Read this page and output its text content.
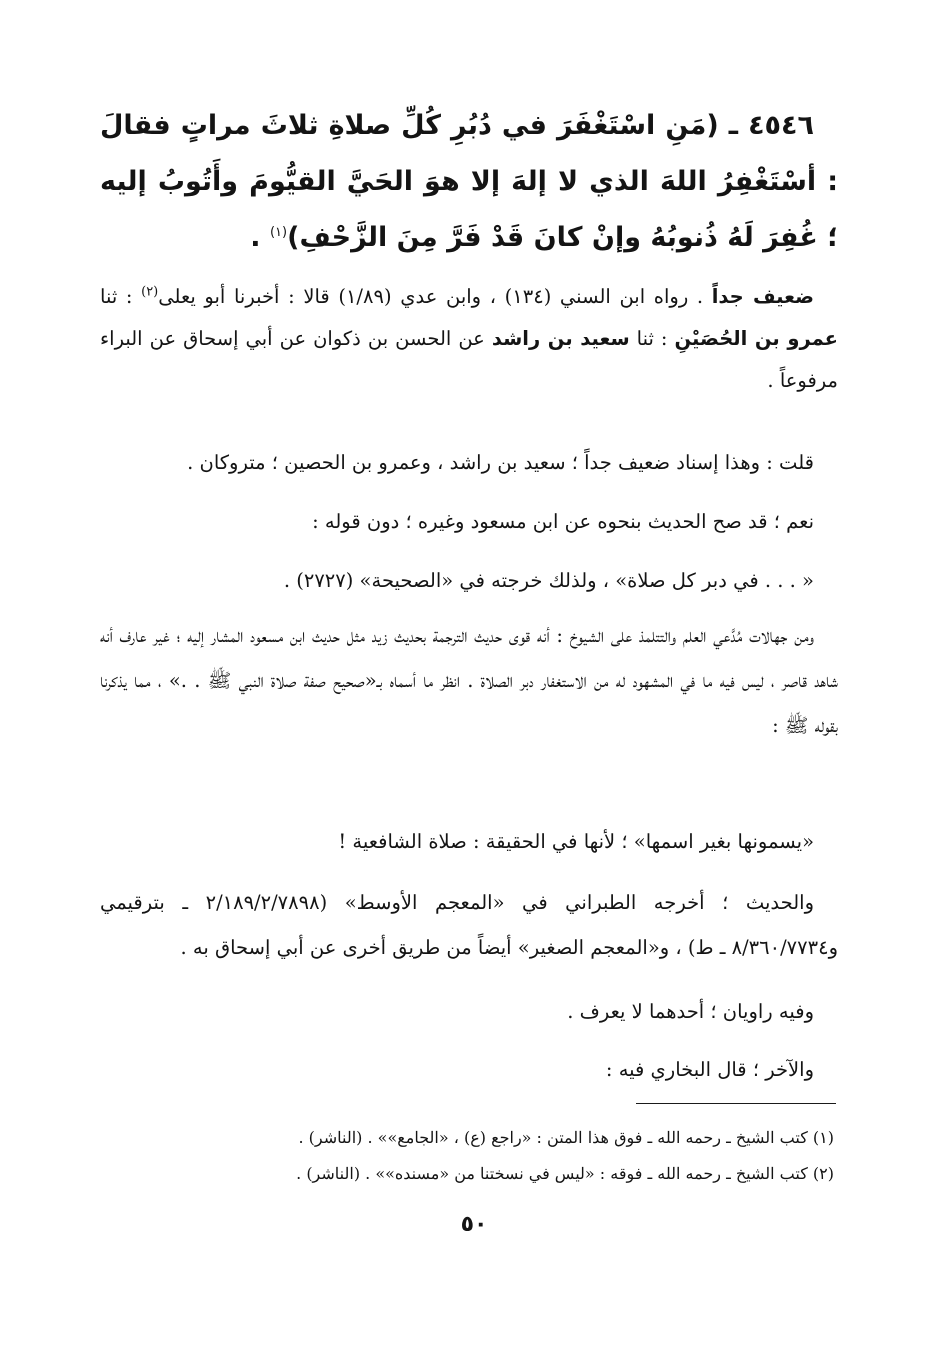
٤٥٤٦ ـ (مَنِ اسْتَغْفَرَ في دُبُرِ كُلِّ صلاةِ ثلاثَ مراتٍ فقالَ : أسْتَغْفِرُ اللهَ الذي لا إلهَ إلا هوَ الحَيَّ القيُّومَ وأَتُوبُ إليه ؛ غُفِرَ لَهُ ذُنوبُهُ وإنْ كانَ قَدْ فَرَّ مِنَ الزَّحْفِ)$^{(١)}$ .

ضعيف جداً . رواه ابن السني (١٣٤) ، وابن عدي (١/٨٩) قالا : أخبرنا أبو يعلى$^{(٢)}$ : ثنا عمرو بن الحُصَيْنِ : ثنا سعيد بن راشد عن الحسن بن ذكوان عن أبي إسحاق عن البراء مرفوعاً .

قلت : وهذا إسناد ضعيف جداً ؛ سعيد بن راشد ، وعمرو بن الحصين ؛ متروكان .

نعم ؛ قد صح الحديث بنحوه عن ابن مسعود وغيره ؛ دون قوله :

« . . . في دبر كل صلاة» ، ولذلك خرجته في «الصحيحة» (٢٧٢٧) .

ومن جهالات مُدَّعي العلم والتتلمذ على الشيوخ : أنه قوى حديث الترجمة بحديث زيد مثل حديث ابن مسعود المشار إليه ؛ غير عارف أنه شاهد قاصر ، ليس فيه ما في المشهود له من الاستغفار دبر الصلاة . انظر ما أسماه بـ«صحيح صفة صلاة النبي ﷺ . .» ، مما يذكرنا بقوله ﷺ :

«يسمونها بغير اسمها» ؛ لأنها في الحقيقة : صلاة الشافعية !

والحديث ؛ أخرجه الطبراني في «المعجم الأوسط» (٢/١٨٩/٢/٧٨٩٨ ـ بترقيمي و٨/٣٦٠/٧٧٣٤ ـ ط) ، و«المعجم الصغير» أيضاً من طريق أخرى عن أبي إسحاق به .

وفيه راويان ؛ أحدهما لا يعرف .

والآخر ؛ قال البخاري فيه :

(١) كتب الشيخ ـ رحمه الله ـ فوق هذا المتن : «راجع (ع) ، «الجامع»» . (الناشر) .

(٢) كتب الشيخ ـ رحمه الله ـ فوقه : «ليس في نسختنا من «مسنده»» . (الناشر) .

٥٠
